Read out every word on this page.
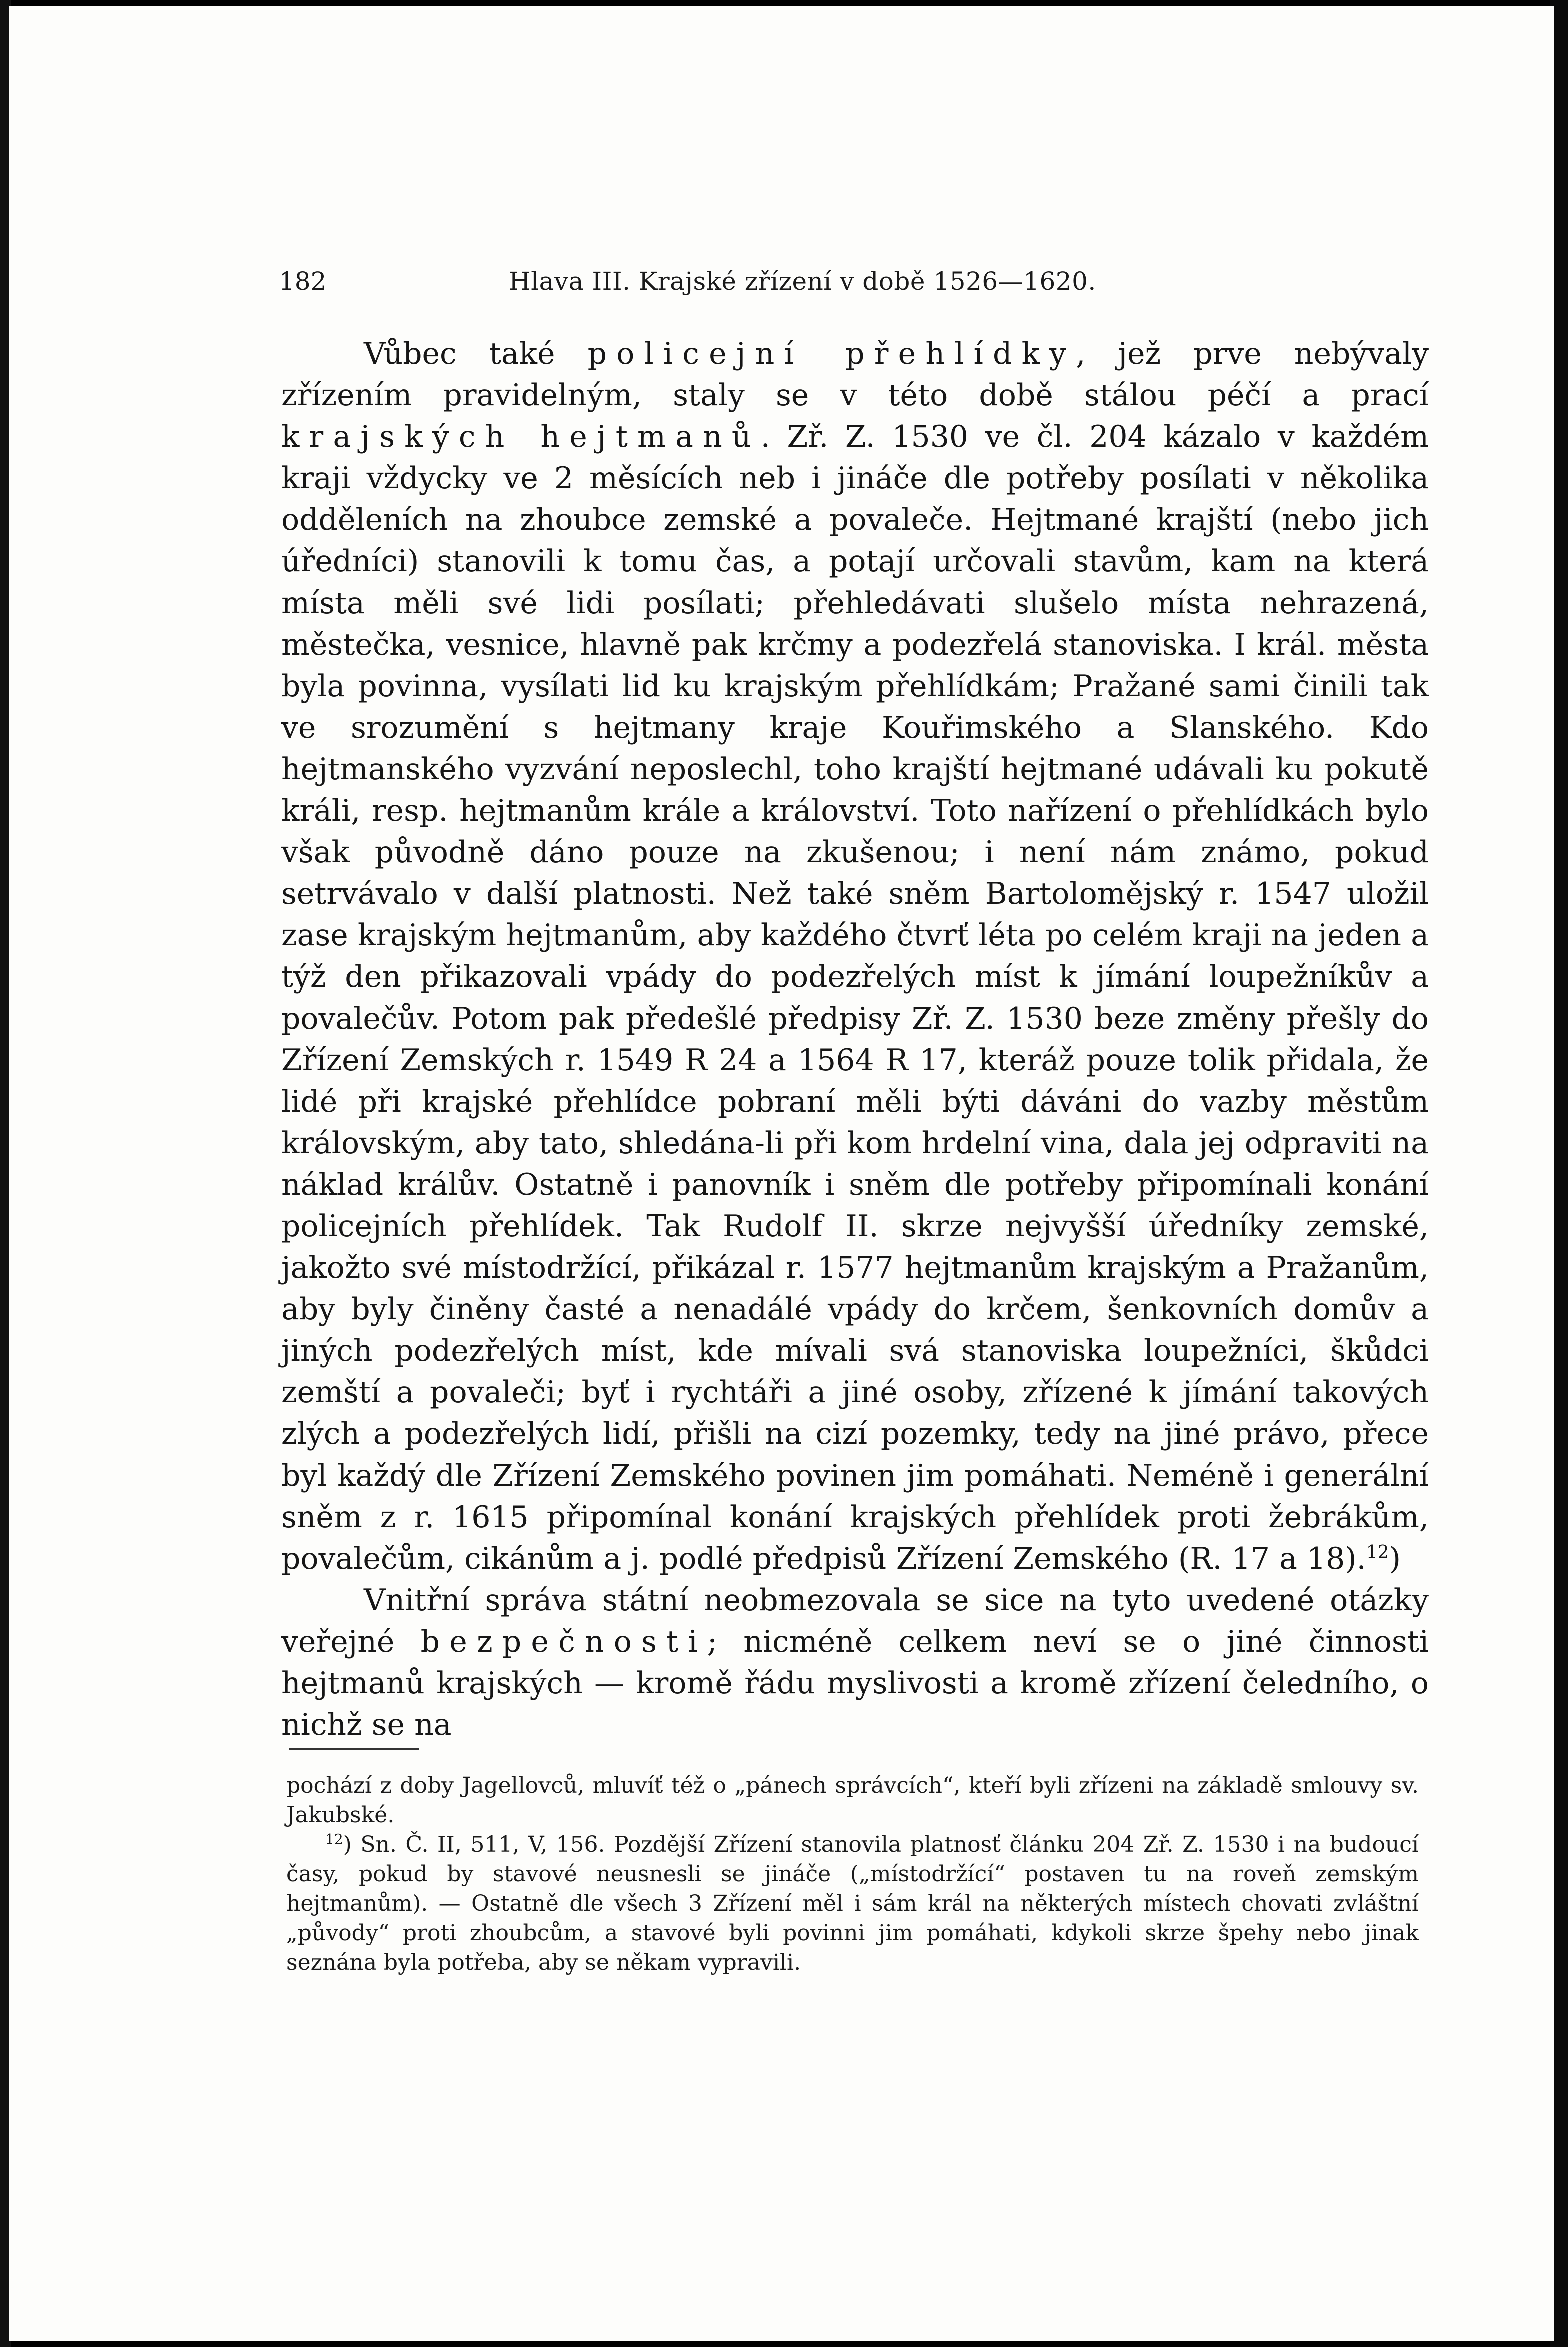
182	Hlava III. Krajské zřízení v době 1526—1620.

Vůbec také policejní přehlídky, jež prve nebývaly zřízením pravidelným, staly se v této době stálou péčí a prací krajských hejtmanů. Zř. Z. 1530 ve čl. 204 kázalo v každém kraji vždycky ve 2 měsících neb i jináče dle potřeby posílati v několika odděleních na zhoubce zemské a povaleče. Hejtmané krajští (nebo jich úředníci) stanovili k tomu čas, a potají určovali stavům, kam na která místa měli své lidi posílati; přehledávati slušelo místa nehrazená, městečka, vesnice, hlavně pak krčmy a podezřelá stanoviska. I král. města byla povinna, vysílati lid ku krajským přehlídkám; Pražané sami činili tak ve srozumění s hejtmany kraje Kouřimského a Slanského. Kdo hejtmanského vyzvání neposlechl, toho krajští hejtmané udávali ku pokutě králi, resp. hejtmanům krále a království. Toto nařízení o přehlídkách bylo však původně dáno pouze na zkušenou; i není nám známo, pokud setrvávalo v další platnosti. Než také sněm Bartolomějský r. 1547 uložil zase krajským hejtmanům, aby každého čtvrť léta po celém kraji na jeden a týž den přikazovali vpády do podezřelých míst k jímání loupežníkův a povalečův. Potom pak předešlé předpisy Zř. Z. 1530 beze změny přešly do Zřízení Zemských r. 1549 R 24 a 1564 R 17, kteráž pouze tolik přidala, že lidé při krajské přehlídce pobraní měli býti dáváni do vazby městům královským, aby tato, shledána-li při kom hrdelní vina, dala jej odpraviti na náklad králův. Ostatně i panovník i sněm dle potřeby připomínali konání policejních přehlídek. Tak Rudolf II. skrze nejvyšší úředníky zemské, jakožto své místodržící, přikázal r. 1577 hejtmanům krajským a Pražanům, aby byly činěny časté a nenadálé vpády do krčem, šenkovních domův a jiných podezřelých míst, kde mívali svá stanoviska loupežníci, škůdci zemští a povaleči; byť i rychtáři a jiné osoby, zřízené k jímání takových zlých a podezřelých lidí, přišli na cizí pozemky, tedy na jiné právo, přece byl každý dle Zřízení Zemského povinen jim pomáhati. Neméně i generální sněm z r. 1615 připomínal konání krajských přehlídek proti žebrákům, povalečům, cikánům a j. podlé předpisů Zřízení Zemského (R. 17 a 18).$^{12}$)

Vnitřní správa státní neobmezovala se sice na tyto uvedené otázky veřejné bezpečnosti; nicméně celkem neví se o jiné činnosti hejtmanů krajských — kromě řádu myslivosti a kromě zřízení čeledního, o nichž se na

pochází z doby Jagellovců, mluvíť též o „pánech správcích“, kteří byli zřízeni na základě smlouvy sv. Jakubské.

$^{12}$) Sn. Č. II, 511, V, 156. Pozdější Zřízení stanovila platnosť článku 204 Zř. Z. 1530 i na budoucí časy, pokud by stavové neusnesli se jináče („místodržící“ postaven tu na roveň zemským hejtmanům). — Ostatně dle všech 3 Zřízení měl i sám král na některých místech chovati zvláštní „původy“ proti zhoubcům, a stavové byli povinni jim pomáhati, kdykoli skrze špehy nebo jinak seznána byla potřeba, aby se někam vypravili.
